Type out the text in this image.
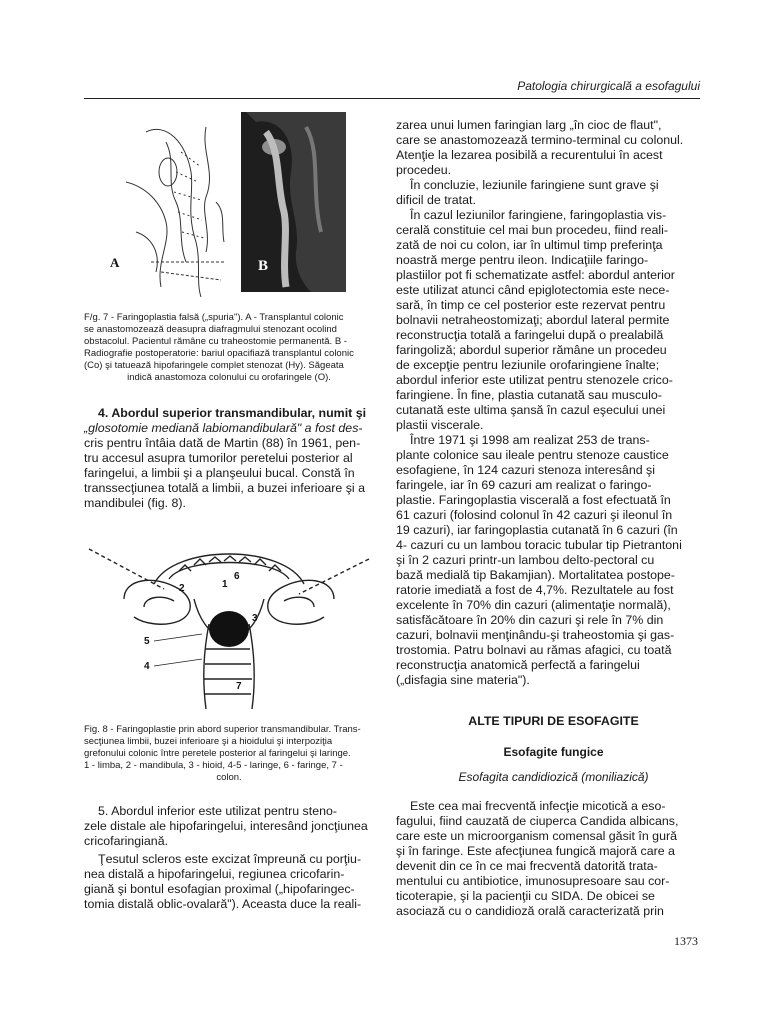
Patologia chirurgicală a esofagului
A	B
F/g. 7 - Faringoplastia falsă („spuria"). A - Transplantul colonic
se anastomozează deasupra diafragmului stenozant ocolind
obstacolul. Pacientul rămâne cu traheostomie permanentă. B -
Radiografie postoperatorie: bariul opacifiază transplantul colonic
(Co) şi tatuează hipofaringele complet stenozat (Hy). Săgeata
indică anastomoza colonului cu orofaringele (O).

4. Abordul superior transmandibular, numit şi

„glosotomie mediană labiomandibulară" a fost des-

cris pentru întâia dată de Martin (88) în 1961, pen-

tru accesul asupra tumorilor peretelui posterior al

faringelui, a limbii şi a planşeului bucal. Constă în

transsecţiunea totală a limbii, a buzei inferioare şi a

mandibulei (fig. 8).

1
2
3
4
5
6
7
Fig. 8 - Faringoplastie prin abord superior transmandibular. Trans-
secţiunea limbii, buzei inferioare şi a hioidului şi interpoziţia
grefonului colonic între peretele posterior al faringelui şi laringe.
1 - limba, 2 - mandibula, 3 - hioid, 4-5 - laringe, 6 - faringe, 7 -
colon.

5. Abordul inferior este utilizat pentru steno-

zele distale ale hipofaringelui, interesând joncţiunea

cricofaringiană.

Ţesutul scleros este excizat împreună cu porţiu-

nea distală a hipofaringelui, regiunea cricofarin-

giană şi bontul esofagian proximal („hipofaringec-

tomia distală oblic-ovalară"). Aceasta duce la reali-

zarea unui lumen faringian larg „în cioc de flaut",

care se anastomozează termino-terminal cu colonul.

Atenţie la lezarea posibilă a recurentului în acest

procedeu.

În concluzie, leziunile faringiene sunt grave şi

dificil de tratat.

În cazul leziunilor faringiene, faringoplastia vis-

cerală constituie cel mai bun procedeu, fiind reali-

zată de noi cu colon, iar în ultimul timp preferinţa

noastră merge pentru ileon. Indicaţiile faringo-

plastiilor pot fi schematizate astfel: abordul anterior

este utilizat atunci când epiglotectomia este nece-

sară, în timp ce cel posterior este rezervat pentru

bolnavii netraheostomizaţi; abordul lateral permite

reconstrucţia totală a faringelui după o prealabilă

faringoliză; abordul superior rămâne un procedeu

de excepţie pentru leziunile orofaringiene înalte;

abordul inferior este utilizat pentru stenozele crico-

faringiene. În fine, plastia cutanată sau musculo-

cutanată este ultima şansă în cazul eşecului unei

plastii viscerale.

Între 1971 şi 1998 am realizat 253 de trans-

plante colonice sau ileale pentru stenoze caustice

esofagiene, în 124 cazuri stenoza interesând şi

faringele, iar în 69 cazuri am realizat o faringo-

plastie. Faringoplastia viscerală a fost efectuată în

61 cazuri (folosind colonul în 42 cazuri şi ileonul în

19 cazuri), iar faringoplastia cutanată în 6 cazuri (în

4- cazuri cu un lambou toracic tubular tip Pietrantoni

şi în 2 cazuri printr-un lambou delto-pectoral cu

bază medială tip Bakamjian). Mortalitatea postope-

ratorie imediată a fost de 4,7%. Rezultatele au fost

excelente în 70% din cazuri (alimentaţie normală),

satisfăcătoare în 20% din cazuri şi rele în 7% din

cazuri, bolnavii menţinându-şi traheostomia şi gas-

trostomia. Patru bolnavi au rămas afagici, cu toată

reconstrucţia anatomică perfectă a faringelui

(„disfagia sine materia").

ALTE TIPURI DE ESOFAGITE

Esofagite fungice

Esofagita candidiozică (moniliazică)

Este cea mai frecventă infecţie micotică a eso-

fagului, fiind cauzată de ciuperca Candida albicans,

care este un microorganism comensal găsit în gură

şi în faringe. Este afecţiunea fungică majoră care a

devenit din ce în ce mai frecventă datorită trata-

mentului cu antibiotice, imunosupresoare sau cor-

ticoterapie, şi la pacienţii cu SIDA. De obicei se

asociază cu o candidioză orală caracterizată prin

1373
